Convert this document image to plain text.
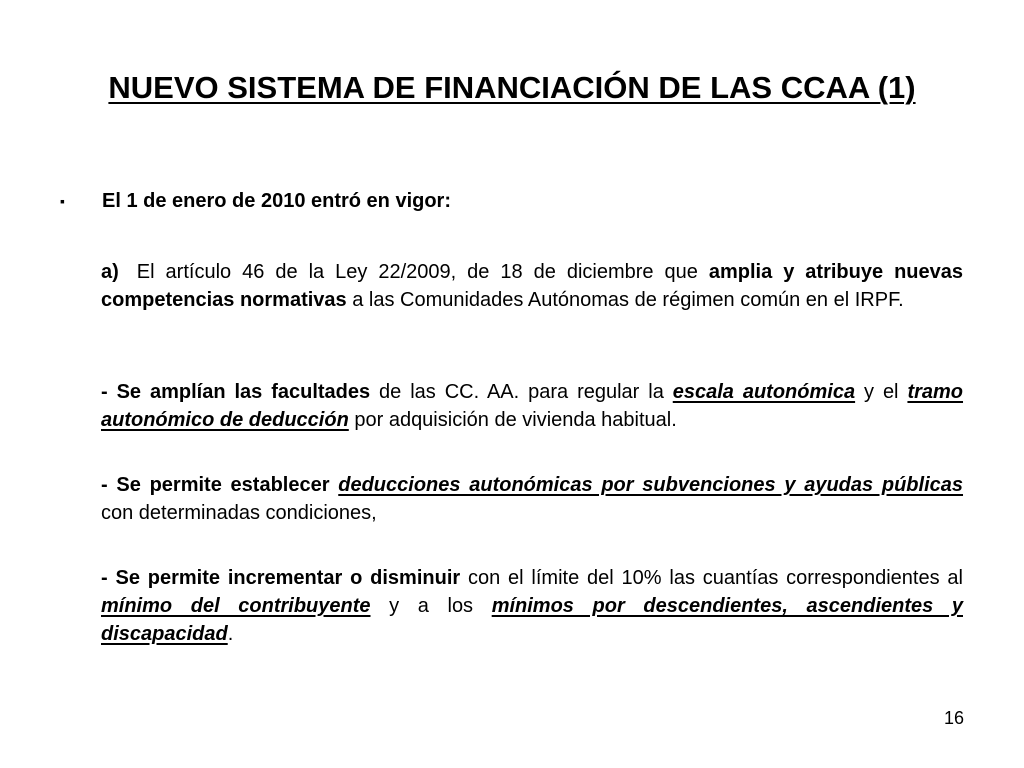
NUEVO SISTEMA DE FINANCIACIÓN DE LAS CCAA (1)
▪ El 1 de enero de 2010 entró en vigor:
a) El artículo 46 de la Ley 22/2009, de 18 de diciembre que amplia y atribuye nuevas competencias normativas a las Comunidades Autónomas de régimen común en el IRPF.
- Se amplían las facultades de las CC. AA. para regular la escala autonómica y el tramo autonómico de deducción por adquisición de vivienda habitual.
- Se permite establecer deducciones autonómicas por subvenciones y ayudas públicas con determinadas condiciones,
- Se permite incrementar o disminuir con el límite del 10% las cuantías correspondientes al mínimo del contribuyente y a los mínimos por descendientes, ascendientes y discapacidad.
16
